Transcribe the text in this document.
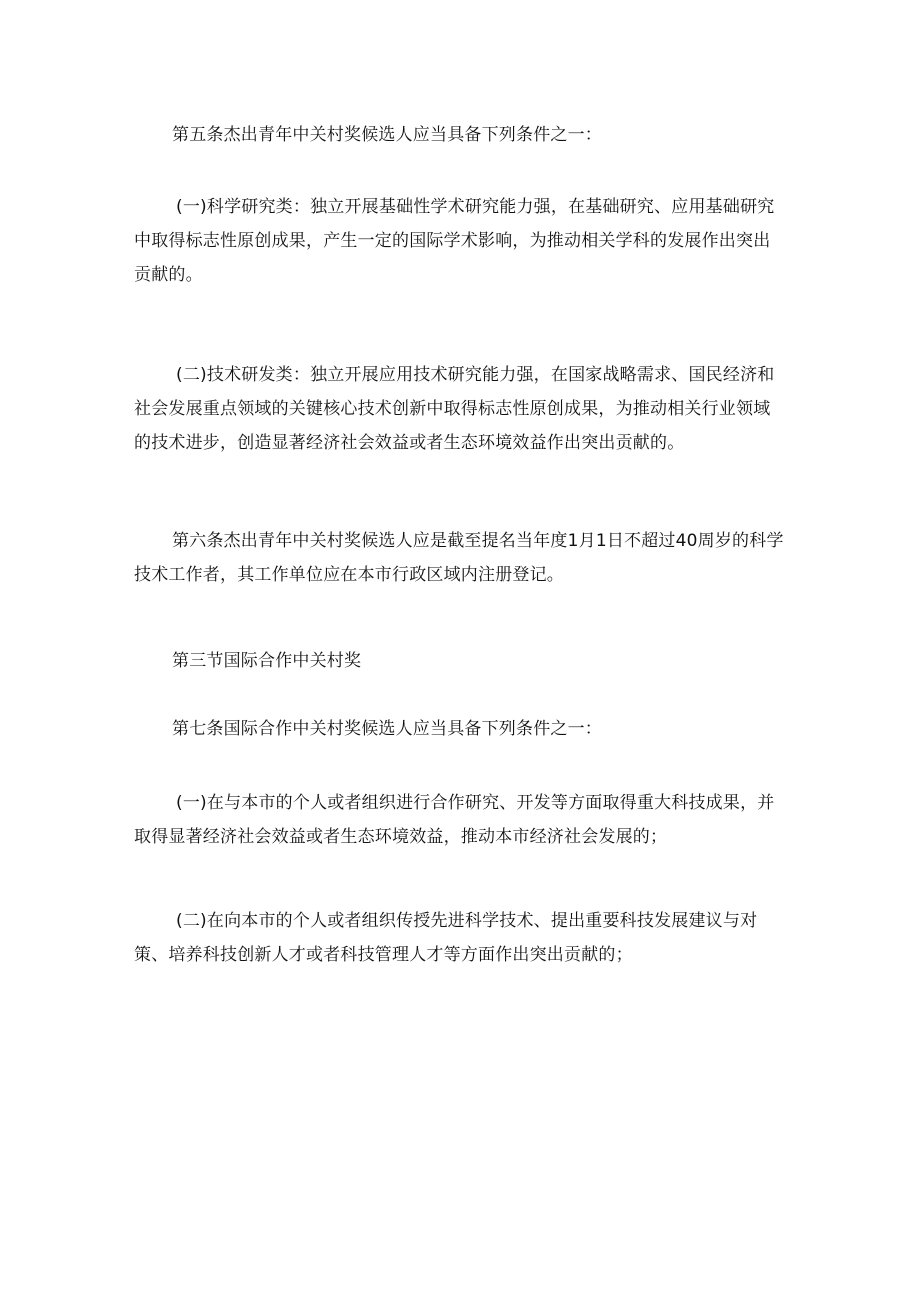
第五条杰出青年中关村奖候选人应当具备下列条件之一：

(一)科学研究类：独立开展基础性学术研究能力强，在基础研究、应用基础研究中取得标志性原创成果，产生一定的国际学术影响，为推动相关学科的发展作出突出贡献的。

(二)技术研发类：独立开展应用技术研究能力强，在国家战略需求、国民经济和社会发展重点领域的关键核心技术创新中取得标志性原创成果，为推动相关行业领域的技术进步，创造显著经济社会效益或者生态环境效益作出突出贡献的。

第六条杰出青年中关村奖候选人应是截至提名当年度1月1日不超过40周岁的科学技术工作者，其工作单位应在本市行政区域内注册登记。

第三节国际合作中关村奖

第七条国际合作中关村奖候选人应当具备下列条件之一：

(一)在与本市的个人或者组织进行合作研究、开发等方面取得重大科技成果，并取得显著经济社会效益或者生态环境效益，推动本市经济社会发展的；

(二)在向本市的个人或者组织传授先进科学技术、提出重要科技发展建议与对策、培养科技创新人才或者科技管理人才等方面作出突出贡献的；
